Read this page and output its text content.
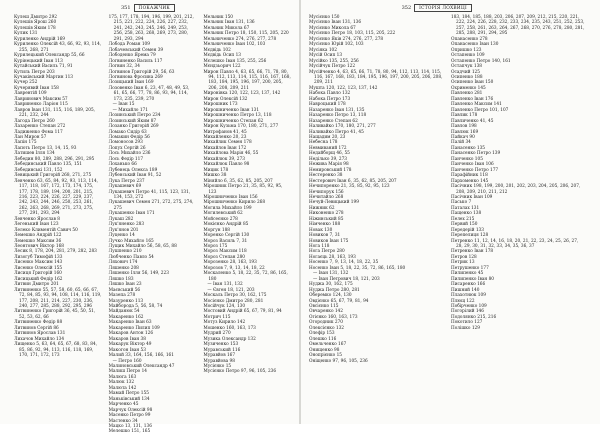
351	ПОКАЖЧИК
Кулеш Дмитро 292
Кулешів Ярош 260
Кулешів Яким 178
Кулик 131
Куриленко Андрій 169
Куриленко Олексій 43, 66, 92, 93, 114, 255, 268, 271
Курилецький Олександр 55, 66
Курінецький Іван 113
Кутайський Василь 71, 91
Кутиль Петро 203
Кучаківський Мартин 113
Кучер 252
Кучерявий Іван 158
Лаврентій 109
Лавринович Максим 57
Лавриненко Ларіон 115
Лавров Іван 131, 115, 116, 189, 205, 221, 232, 244
Лагода Петро 260
Лазаренко Степан 272
Ладиженко Фома 117
Лан Мирон 57
Лапін 175
Лапоть Петро 13, 14, 15, 93
Латишев Ілля 134
Лебедин 80, 289, 288, 296, 291, 295
Лебединський Павло 135, 151
Лебединські 131, 152
Левицький Григорій 268, 271, 275
Левченко 63, 65, 84, 92, 93, 113, 114, 117, 118, 167, 172, 173, 174, 175, 177, 178, 189, 194, 200, 201, 215, 216, 223, 224, 226, 227, 229, 237, 242, 243, 244, 246, 250, 253, 261, 262, 263, 268, 269, 271, 273, 275, 277, 291, 293, 294
Левченко Ярослав 8
Легенький Іван 123
Лелеко Климентій Савич 50
Лемешко Андрій 122
Лемешко Максим 36
Леонтович Віктор 168
Лесик 8, 178, 204, 281, 279, 282, 283
Лизогуб Тимофій 133
Лисенко Максим 143
Лисенко Олексій 155
Лисиця Григорій 160
Лисицький Федір 162
Литвин Дмитро 201
Литвиненко 55, 57, 58, 60, 65, 66, 67, 72, 84, 85, 93, 94, 108, 114, 116, 119, 177, 208, 211, 214, 227, 230, 236, 240, 277, 285, 288, 292, 295, 296
Литвиненко Григорій 36, 45, 50, 51, 52, 53, 62, 66
Литвиненко Федір 88
Литвинов Сергій 86
Литвинов Ярослав 131
Лихачов Михайло 134
Лищенко 5, 63, 64, 65, 67, 68, 83, 84, 85, 86, 92, 94, 113, 116, 118, 169, 170, 171, 172, 173
175, 177, 178, 194, 196, 199, 201, 212, 215, 221, 222, 224, 226, 227, 232, 241, 242, 243, 245, 246, 249, 253, 256, 258, 263, 268, 269, 273, 280, 291, 293, 294
Лобода Роман 109
Лобачевський Семен 39
Лободенко Ярема 79
Логвиненко Василь 117
Логвин 32, 34
Логвинов Григорій 29, 56, 63
Логвинова Фросина 269
Лозицький Іван 169
Лозовенко Іван 6, 23, 47, 48, 49, 53, 61, 65, 66, 77, 78, 86, 93, 94, 114, 173, 235, 239, 270
— Іван 15
— Михайло 171
Лозинський Петро 234
Лозинський Яким 87
Лозанко Григорій 269
Ломако Сидір 63
Ломакин Федір 56
Ломоносов 293
Лопух Сергій 26
Лось Михайло 236
Лось Федір 117
Лоханько 66
Лубенець Олекса 189
Лубенський Іван 91, 52
Лука Петро 237
Лукашевич 69
Лукашевич Петро 41, 115, 123, 131, 134, 153, 272
Лукашевич Семен 271, 272, 275, 274, 275
Лукашенко Іван 171
Лукаш 282
Лук'яненко 283
Лук'янов 201
Луценко 14
Лучко Михайло 165
Лущик Михайло 56, 58, 65, 88
Лушпенко 210
Любченко Павло 54
Ляхович 174
Ляшенко 208
Ляшенко Ілля 56, 149, 223
Ляшко 183
Ляшко Іван 23
Маєвський 56
Мазепа 278
Мазуренко 113
Майборода 5, 56, 58, 74
Майданюк 54
Макаренко 162
Макаренко Іван 63
Макаренко Пилип 109
Макаров Антон 126
Макаров Іван 38
Макарук Віктор 49
Макогон Іван 53
Малий 33, 164, 156, 166, 161
— Петро 160
Малиновський Олександр 47
Малиш Петро 14
Малюга 163
Малюк 132
Малюта 142
Мамай Петро 155
Маньківський 134
Марченко 45
Марчук Олексій 98
Масенко Петро 99
Мастенко 34
Мацко 13, 131, 136
Мелешко 151, 165
Мельник 150
Мельник Іван 131, 136
Мельник Микола 67
Мельник Петро 18, 150, 115, 205, 220
Мельниченко 274, 276, 277, 278
Мельниченко Іван 102, 103
Мєдвідь 102
Мєдвідь Осип 13
Мєлешко Іван 135, 255, 256
Мєндзьорич 122
Мирон Павло 4, 63, 65, 66, 71, 78, 80, 94, 112, 113, 114, 115, 116, 167, 168, 183, 184, 195, 196, 197, 200, 205, 206, 208, 209, 211
Миронівка 120, 122, 123, 137, 142
Мирон Олексій 132
Мирошник 173
Мирошниченко Іван 131
Мирошниченко Петро 13, 118
Мирошниченко Степан 62
Мирон Кузьма 170, 180, 271, 277
Митрофанов 41, 45
Михайленко 20, 23
Михайлик Семен 178
Михайлов Іван 172
Михайлова Марія 46, 55
Михайлюк 39, 273
Михайлюк Павло 98
Мицик 178
Мишко 38
Міняйло 6, 35, 62, 85, 205, 207
Мірошник Петро 21, 35, 85, 92, 95, 123
Мірошниченко Іван 156
Мірошниченко Кирило 268
Могила Михайло 199
Могилевський 62
Мойсеєнко 278
Мокієнко Андрій 85
Моргун 188
Моренко Сергій 130
Мороз Василь 7, 31
Мороз 175
Мороз Максим 118
Мороз Степан 280
Морозенко 28, 163, 193
Морозов 7, 9, 13, 14, 18, 22
Москаленко 5, 18, 22, 35, 72, 86, 165, 180
— Іван 131, 132
— Євген 18, 121, 203
Москаль Петро 30, 162, 175
Мосієнко Дмитро 280, 281
Мосійчук 124, 130
Мостовий Андрій 65, 67, 79, 81, 94
Мотрич 115
Мотуз Кирило 142
Мошенко 160, 163, 173
Мудрий 270
Музика Олександр 132
Музиченко 153
Муравський 116
Муравйов 167
Муравйова 98
Мусієнко 15
Мусієнко Петро 97, 96, 105, 236
352	ІСТОРІЯ ЛОХВИЦІ
Мусієнко 150
Мусієнко Іван 131, 136
Мусієнко Микола 67
Мусієнко Петро 18, 103, 115, 205, 222
Мусієнко Яків 274, 276, 277, 278
Мусієнко Юрій 102, 103
Мусіяка 102
Мусій Осип 13
Мусійко 135, 255, 256
Мусійчук Петро 122
Мусійченко 4, 63, 65, 66, 71, 78, 80, 94, 112, 113, 114, 115, 116, 167, 168, 183, 184, 195, 196, 197, 200, 205, 206, 208, 209, 211
Мушта 120, 122, 123, 137, 142
Набока Павло 132
Набока Петро 173
Навроцький 178
Назаренко Іван 131, 135
Назаренко Петро 13, 118
Назаренко Степан 62
Наливайко 170, 180, 271, 277
Наливайко Петро 41, 45
Нащадим 20, 23
Небесна 178
Невмиваний 172
Недайборщ 46, 55
Неділько 39, 273
Нежива Марія 98
Немировський 178
Нестеренко 38
Нестерович Іван 6, 35, 62, 85, 205, 207
Нечипоренко 21, 35, 85, 92, 95, 123
Нечипорук 156
Нечитайло 268
Нечуй-Левицький 199
Нижник 62
Никоненко 278
Ніжинський 85
Німченко 188
Новак 130
Новиков 7, 31
Новиков Іван 175
Нога 118
Нога Петро 280
Ногаєць 28, 163, 193
Носенко 7, 9, 13, 14, 18, 22, 35
Носенко Іван 5, 18, 22, 35, 72, 86, 165, 180
— Іван 131, 132
— Іван Петрович 18, 121, 203
Нуджа 30, 162, 175
Нуджа Петро 280, 281
Оберемко 124, 130
Овдієнко 65, 67, 79, 81, 94
Овсієнко 115
Овчаренко 142
Огієнко 160, 163, 173
Огородник 270
Олексієнко 132
Олефір 153
Олешко 116
Омельченко 167
Онищенко 98
Онопрієнко 15
Оніщенко 97, 96, 105, 236
183, 184, 185, 188, 203, 206, 207, 209, 212, 215, 220, 221, 222, 224, 226, 228, 232, 233, 234, 235, 243, 251, 252, 253, 257, 258, 261, 263, 264, 267, 268, 270, 276, 278, 280, 281, 285, 288, 291, 294, 295
Опанасенко 278
Опанасенко Іван 130
Опришко 123
Остапенко 109
Остапенко Петро 140, 161
Остапчук 138
Осадчий 125
Осипенко 188
Осипенко Іван 150
Охрименко 145
Павленко 281
Павленко Іван 176
Павленко Максим 141
Павленко Петро 101, 107
Павлик 178
Павличенко 41, 45
Павлов 198
Павлюк 169
Пайкач 90
Палій 34
Панасенко 135
Панасенко Петро 139
Панченко 105
Панченко Іван 106
Панченко Петро 177
Парафійник 118
Пархоменко 145
Пасічник 198, 199, 200, 201, 202, 203, 204, 205, 206, 207, 208, 209, 210, 211, 212
Пасічник Іван 109
Пасько 7
Паталах 131
Пащенко 138
Пелех 215
Первий 150
Передерій 133
Перепелиця 128
Петренко 11, 12, 14, 16, 18, 20, 21, 22, 23, 24, 25, 26, 27, 28, 29, 30, 31, 32, 33, 34, 35, 36, 37
Петренко Іван 178
Петров 128
Петрик 13
Петрушенко 177
Пилипенко 45
Пилипенко Іван 80
Писаренко 166
Пишний 140
Плахотнюк 109
Плющ 122
Побірченко 109
Погорілий 146
Подолянко 215, 216
Покотило 127
Полішко 129
